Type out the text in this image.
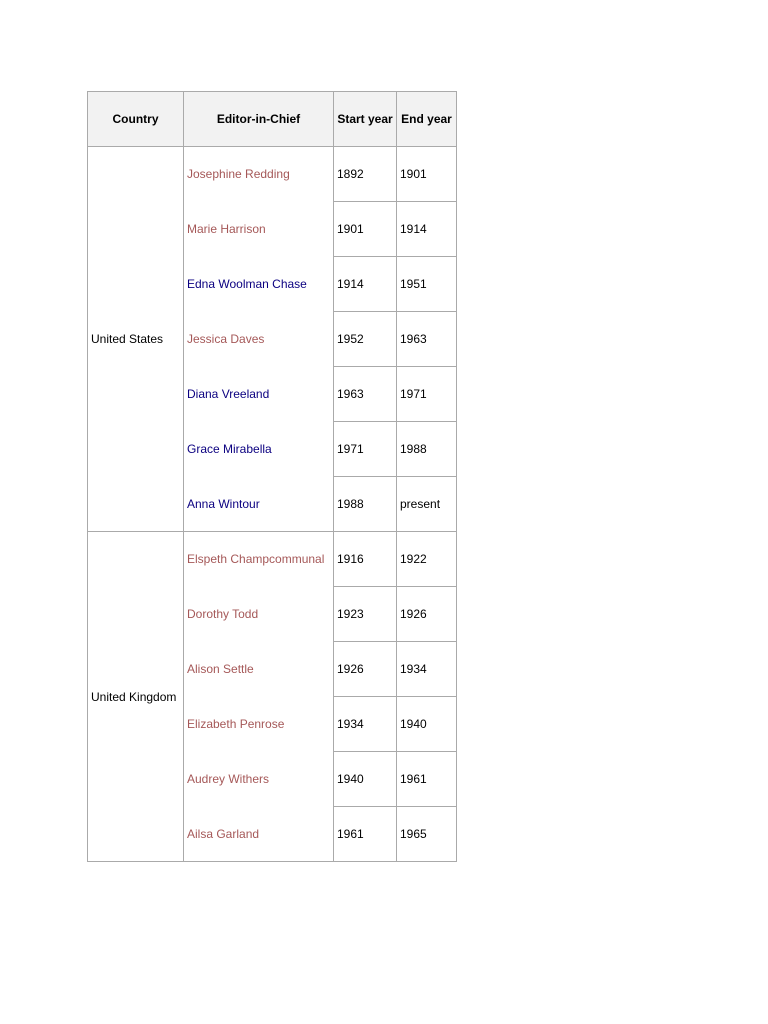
Country	Editor-in-Chief	Start year	End year
United States	Josephine Redding	1892	1901
	Marie Harrison	1901	1914
	Edna Woolman Chase	1914	1951
	Jessica Daves	1952	1963
	Diana Vreeland	1963	1971
	Grace Mirabella	1971	1988
	Anna Wintour	1988	present
United Kingdom	Elspeth Champcommunal	1916	1922
	Dorothy Todd	1923	1926
	Alison Settle	1926	1934
	Elizabeth Penrose	1934	1940
	Audrey Withers	1940	1961
	Ailsa Garland	1961	1965
